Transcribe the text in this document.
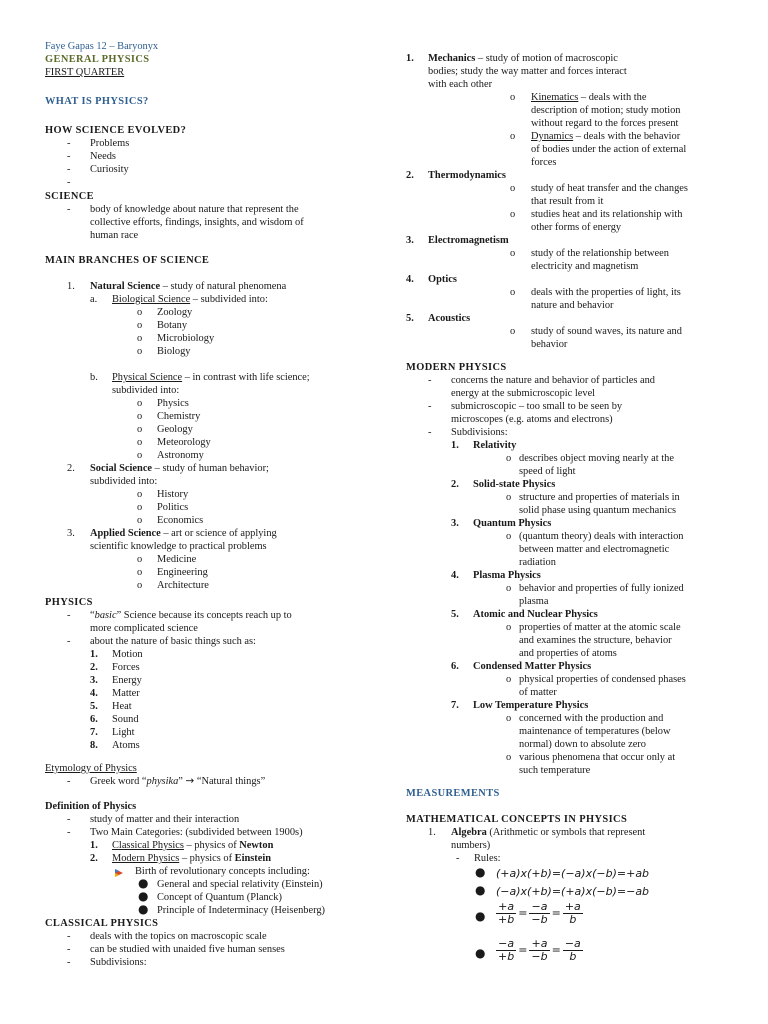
Faye Gapas 12 – Baryonyx
GENERAL PHYSICS
FIRST QUARTER
WHAT IS PHYSICS?
HOW SCIENCE EVOLVED?
- Problems
- Needs
- Curiosity
-
SCIENCE
- body of knowledge about nature that represent the
collective efforts, findings, insights, and wisdom of
human race
MAIN BRANCHES OF SCIENCE
1. Natural Science – study of natural phenomena
a. Biological Science – subdivided into:
o Zoology
o Botany
o Microbiology
o Biology
b. Physical Science – in contrast with life science;
subdivided into:
o Physics
o Chemistry
o Geology
o Meteorology
o Astronomy
2. Social Science – study of human behavior;
subdivided into:
o History
o Politics
o Economics
3. Applied Science – art or science of applying
scientific knowledge to practical problems
o Medicine
o Engineering
o Architecture
PHYSICS
- “basic” Science because its concepts reach up to
more complicated science
- about the nature of basic things such as:
1. Motion
2. Forces
3. Energy
4. Matter
5. Heat
6. Sound
7. Light
8. Atoms
Etymology of Physics
- Greek word “physika” → “Natural things”
Definition of Physics
- study of matter and their interaction
- Two Main Categories: (subdivided between 1900s)
1. Classical Physics – physics of Newton
2. Modern Physics – physics of Einstein
Birth of revolutionary concepts including:
● General and special relativity (Einstein)
● Concept of Quantum (Planck)
● Principle of Indeterminacy (Heisenberg)
CLASSICAL PHYSICS
- deals with the topics on macroscopic scale
- can be studied with unaided five human senses
- Subdivisions:
1. Mechanics – study of motion of macroscopic
bodies; study the way matter and forces interact
with each other
o Kinematics – deals with the
description of motion; study motion
without regard to the forces present
o Dynamics – deals with the behavior
of bodies under the action of external
forces
2. Thermodynamics
o study of heat transfer and the changes
that result from it
o studies heat and its relationship with
other forms of energy
3. Electromagnetism
o study of the relationship between
electricity and magnetism
4. Optics
o deals with the properties of light, its
nature and behavior
5. Acoustics
o study of sound waves, its nature and
behavior
MODERN PHYSICS
- concerns the nature and behavior of particles and
energy at the submicroscopic level
- submicroscopic – too small to be seen by
microscopes (e.g. atoms and electrons)
- Subdivisions:
1. Relativity
o describes object moving nearly at the
speed of light
2. Solid-state Physics
o structure and properties of materials in
solid phase using quantum mechanics
3. Quantum Physics
o (quantum theory) deals with interaction
between matter and electromagnetic
radiation
4. Plasma Physics
o behavior and properties of fully ionized
plasma
5. Atomic and Nuclear Physics
o properties of matter at the atomic scale
and examines the structure, behavior
and properties of atoms
6. Condensed Matter Physics
o physical properties of condensed phases
of matter
7. Low Temperature Physics
o concerned with the production and
maintenance of temperatures (below
normal) down to absolute zero
o various phenomena that occur only at
such temperature
MEASUREMENTS
MATHEMATICAL CONCEPTS IN PHYSICS
1. Algebra (Arithmetic or symbols that represent
numbers)
- Rules:
● (+a)x(+b)=(−a)x(−b)=+ab
● (−a)x(+b)=(+a)x(−b)=−ab
● $\frac{+a}{+b} = \frac{-a}{-b} = \frac{+a}{b}$
● $\frac{-a}{+b} = \frac{+a}{-b} = \frac{-a}{b}$
